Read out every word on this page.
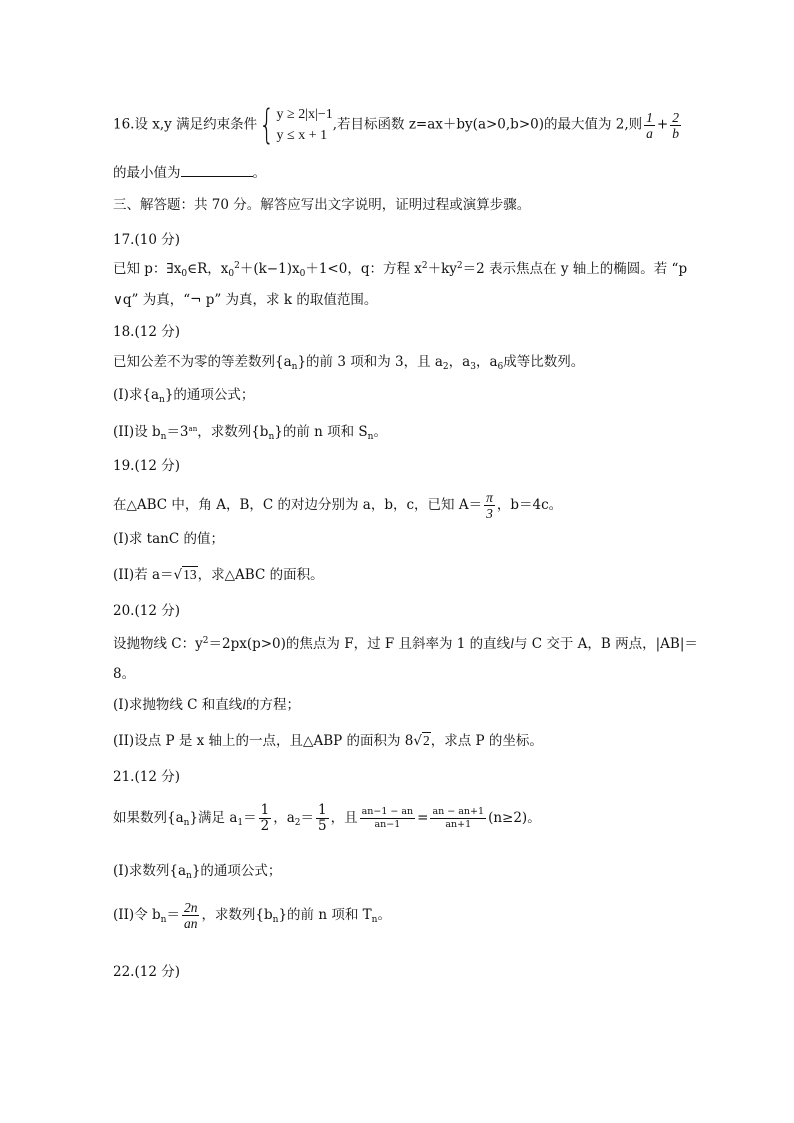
16.设 x,y 满足约束条件{ y ≥ 2|x|−1
y ≤ x + 1
,若目标函数 z=ax＋by(a>0,b>0)的最大值为 2,则 $\frac{1}{a} + \frac{2}{b}$
的最小值为	。
三、解答题：共 70 分。解答应写出文字说明，证明过程或演算步骤。
17.(10 分)
已知 p：$\exists x_0\in R$，$x_0^2+(k-1)x_0+1<0$，q：方程 $x^2+ky^2=2$ 表示焦点在 y 轴上的椭圆。若 “p
∨q” 为真，“¬ p” 为真，求 k 的取值范围。
18.(12 分)
已知公差不为零的等差数列$\{a_n\}$的前 3 项和为 3，且 $a_2$，$a_3$，$a_6$成等比数列。
(I)求$\{a_n\}$的通项公式；
(II)设 $b_n=3^{an}$，求数列$\{b_n\}$的前 n 项和 $S_n$。
19.(12 分)
在△ABC 中，角 A，B，C 的对边分别为 a，b，c，已知 $A= \frac{\pi}{3}$ ，b＝4c。
(I)求 tanC 的值；
(II)若 a＝√13，求△ABC 的面积。
20.(12 分)
设抛物线 C：$y^2=2px(p>0)$的焦点为 F，过 F 且斜率为 1 的直线l与 C 交于 A，B 两点，|AB|＝
8。
(I)求抛物线 C 和直线l的方程；
(II)设点 P 是 x 轴上的一点，且△ABP 的面积为 8√2，求点 P 的坐标。
21.(12 分)
如果数列$\{a_n\}$满足 $a_1= \frac{1}{2}$ ，$a_2= \frac{1}{5}$ ，且 $\frac{an-1 - an}{an-1} = \frac{an - an+1}{an+1} (n\ge 2)$。
(I)求数列$\{a_n\}$的通项公式；
(II)令 $b_n= \frac{2n}{an}$ ，求数列$\{b_n\}$的前 n 项和 $T_n$。
22.(12 分)
